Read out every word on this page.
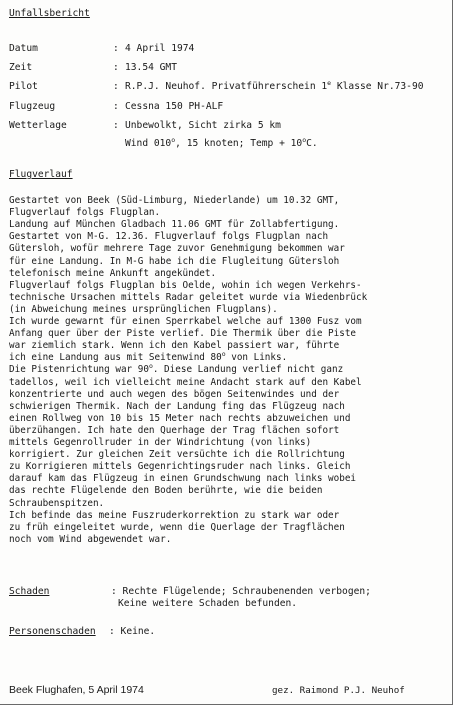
Unfallsbericht
Datum	: 4 April 1974
Zeit	: 13.54 GMT
Pilot	: R.P.J. Neuhof. Privatführerschein 1e Klasse Nr.73-90
Flugzeug	: Cessna 150 PH-ALF
Wetterlage	: Unbewolkt, Sicht zirka 5 km
Wind 010$^o$, 15 knoten; Temp + $10^oC$.
Flugverlauf
Gestartet von Beek (Süd-Limburg, Niederlande) um 10.32 GMT,
Flugverlauf folgs Flugplan.
Landung auf München Gladbach 11.06 GMT für Zollabfertigung.
Gestartet von M-G. 12.36. Flugverlauf folgs Flugplan nach
Gütersloh, wofür mehrere Tage zuvor Genehmigung bekommen war
für eine Landung. In M-G habe ich die Flugleitung Gütersloh
telefonisch meine Ankunft angekündet.
Flugverlauf folgs Flugplan bis Oelde, wohin ich wegen Verkehrs-
technische Ursachen mittels Radar geleitet wurde via Wiedenbrück
(in Abweichung meines ursprünglichen Flugplans).
Ich wurde gewarnt für einen Sperrkabel welche auf 1300 Fusz vom
Anfang quer über der Piste verlief. Die Thermik über die Piste
war ziemlich stark. Wenn ich den Kabel passiert war, führte
ich eine Landung aus mit Seitenwind 80$^o$ von Links.
Die Pistenrichtung war 90$^o$. Diese Landung verlief nicht ganz
tadellos, weil ich vielleicht meine Andacht stark auf den Kabel
konzentrierte und auch wegen des bögen Seitenwindes und der
schwierigen Thermik. Nach der Landung fing das Flügzeug nach
einen Rollweg von 10 bis 15 Meter nach rechts abzuweichen und
überzühangen. Ich hate den Querhage der Trag flächen sofort
mittels Gegenrollruder in der Windrichtung (von links)
korrigiert. Zur gleichen Zeit versüchte ich die Rollrichtung
zu Korrigieren mittels Gegenrichtingsruder nach links. Gleich
darauf kam das Flügzeug in einen Grundschwung nach links wobei
das rechte Flügelende den Boden berührte, wie die beiden
Schraubenspitzen.
Ich befinde das meine Fuszruderkorrektion zu stark war oder
zu früh eingeleitet wurde, wenn die Querlage der Tragflächen
noch vom Wind abgewendet war.
Schaden	: Rechte Flügelende; Schraubenenden verbogen;
Keine weitere Schaden befunden.
Personenschaden : Keine.
Beek Flughafen, 5 April 1974	gez. Raimond P.J. Neuhof
